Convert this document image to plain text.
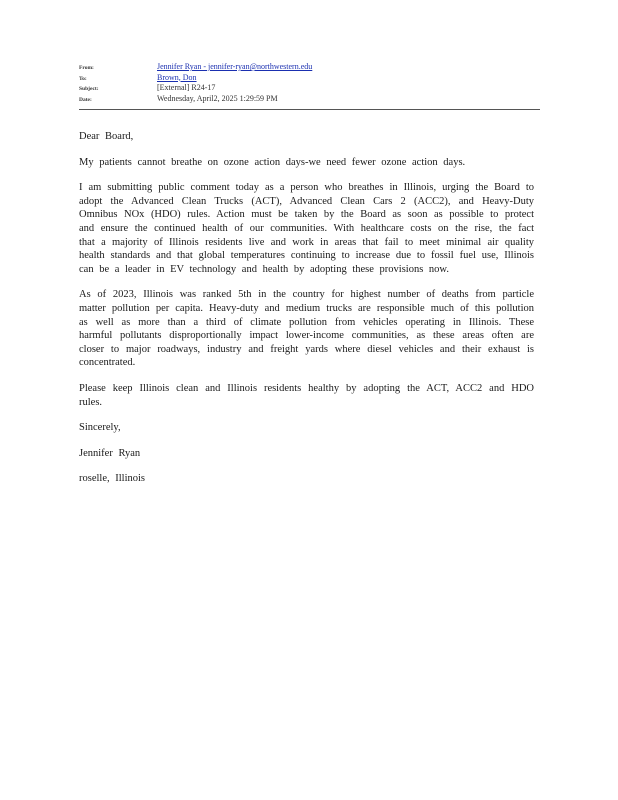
From:	Jennifer Ryan - jennifer-ryan@northwestern.edu
To:	Brown, Don
Subject:	[External] R24-17
Date:	Wednesday, April2, 2025 1:29:59 PM

Dear Board,

My patients cannot breathe on ozone action days-we need fewer ozone action days.

I am submitting public comment today as a person who breathes in Illinois, urging the Board to adopt the Advanced Clean Trucks (ACT), Advanced Clean Cars 2 (ACC2), and Heavy-Duty Omnibus NOx (HDO) rules. Action must be taken by the Board as soon as possible to protect and ensure the continued health of our communities. With healthcare costs on the rise, the fact that a majority of Illinois residents live and work in areas that fail to meet minimal air quality health standards and that global temperatures continuing to increase due to fossil fuel use, Illinois can be a leader in EV technology and health by adopting these provisions now.

As of 2023, Illinois was ranked 5th in the country for highest number of deaths from particle matter pollution per capita. Heavy-duty and medium trucks are responsible much of this pollution as well as more than a third of climate pollution from vehicles operating in Illinois. These harmful pollutants disproportionally impact lower-income communities, as these areas often are closer to major roadways, industry and freight yards where diesel vehicles and their exhaust is concentrated.

Please keep Illinois clean and Illinois residents healthy by adopting the ACT, ACC2 and HDO rules.

Sincerely,

Jennifer Ryan

roselle, Illinois
